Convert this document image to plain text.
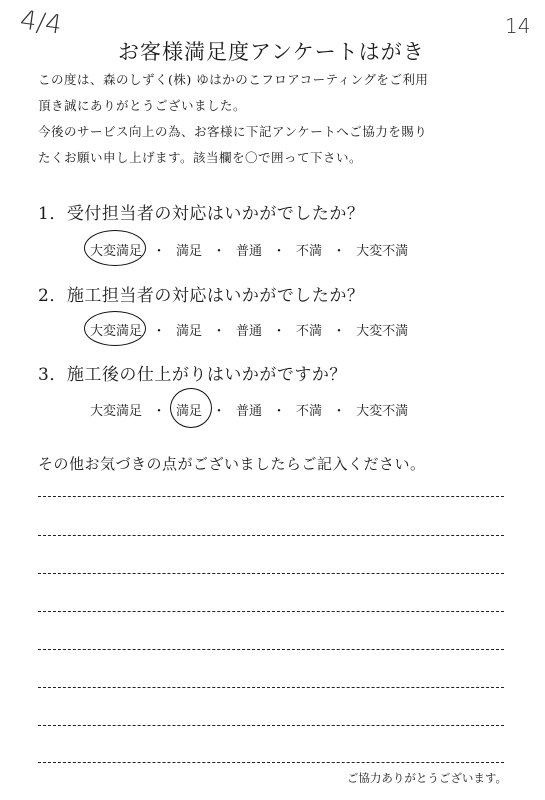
4/4	14
お客様満足度アンケートはがき
この度は、森のしずく(株) ゆはかのこフロアコーティングをご利用
頂き誠にありがとうございました。
今後のサービス向上の為、お客様に下記アンケートへご協力を賜り
たくお願い申し上げます。該当欄を〇で囲って下さい。
1．受付担当者の対応はいかがでしたか？
大変満足 ・ 満足 ・ 普通 ・ 不満 ・ 大変不満
2．施工担当者の対応はいかがでしたか？
大変満足 ・ 満足 ・ 普通 ・ 不満 ・ 大変不満
3．施工後の仕上がりはいかがですか？
大変満足 ・ 満足 ・ 普通 ・ 不満 ・ 大変不満
その他お気づきの点がございましたらご記入ください。
ご協力ありがとうございます。
